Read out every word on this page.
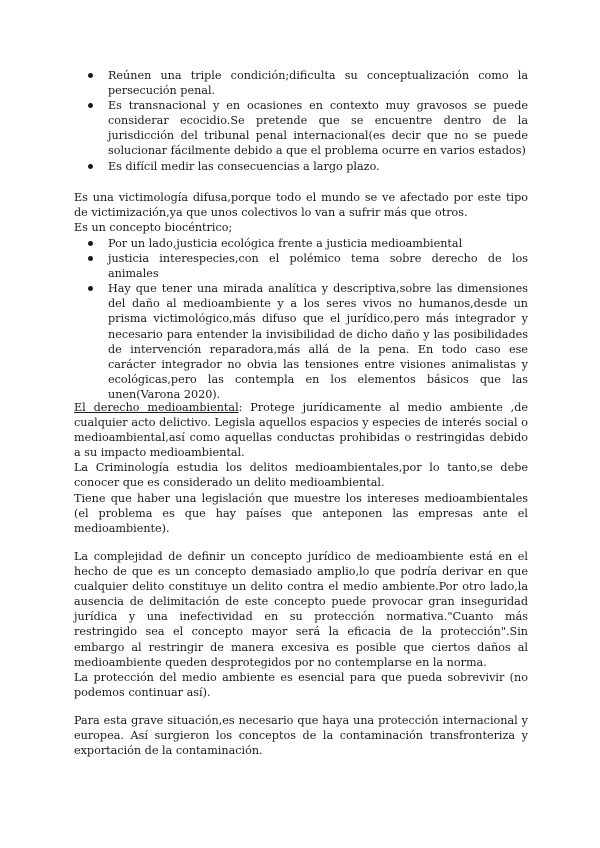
Reúnen una triple condición;dificulta su conceptualización como la persecución penal.
Es transnacional y en ocasiones en contexto muy gravosos se puede considerar ecocidio.Se pretende que se encuentre dentro de la jurisdicción del tribunal penal internacional(es decir que no se puede solucionar fácilmente debido a que el problema ocurre en varios estados)
Es difícil medir las consecuencias a largo plazo.

Es una victimología difusa,porque todo el mundo se ve afectado por este tipo de victimización,ya que unos colectivos lo van a sufrir más que otros.

Es un concepto biocéntrico;

Por un lado,justicia ecológica frente a justicia medioambiental
justicia interespecies,con el polémico tema sobre derecho de los animales
Hay que tener una mirada analítica y descriptiva,sobre las dimensiones del daño al medioambiente y a los seres vivos no humanos,desde un prisma victimológico,más difuso que el jurídico,pero más integrador y necesario para entender la invisibilidad de dicho daño y las posibilidades de intervención reparadora,más allá de la pena. En todo caso ese carácter integrador no obvia las tensiones entre visiones animalistas y ecológicas,pero las contempla en los elementos básicos que las unen(Varona 2020).

El derecho medioambiental: Protege jurídicamente al medio ambiente ,de cualquier acto delictivo. Legisla aquellos espacios y especies de interés social o medioambiental,así como aquellas conductas prohibidas o restringidas debido a su impacto medioambiental.

La Criminología estudia los delitos medioambientales,por lo tanto,se debe conocer que es considerado un delito medioambiental.

Tiene que haber una legislación que muestre los intereses medioambientales (el problema es que hay países que anteponen las empresas ante el medioambiente).

La complejidad de definir un concepto jurídico de medioambiente está en el hecho de que es un concepto demasiado amplio,lo que podría derivar en que cualquier delito constituye un delito contra el medio ambiente.Por otro lado,la ausencia de delimitación de este concepto puede provocar gran inseguridad jurídica y una inefectividad en su protección normativa."Cuanto más restringido sea el concepto mayor será la eficacia de la protección".Sin embargo al restringir de manera excesiva es posible que ciertos daños al medioambiente queden desprotegidos por no contemplarse en la norma.

La protección del medio ambiente es esencial para que pueda sobrevivir (no podemos continuar así).

Para esta grave situación,es necesario que haya una protección internacional y europea. Así surgieron los conceptos de la contaminación transfronteriza y exportación de la contaminación.
